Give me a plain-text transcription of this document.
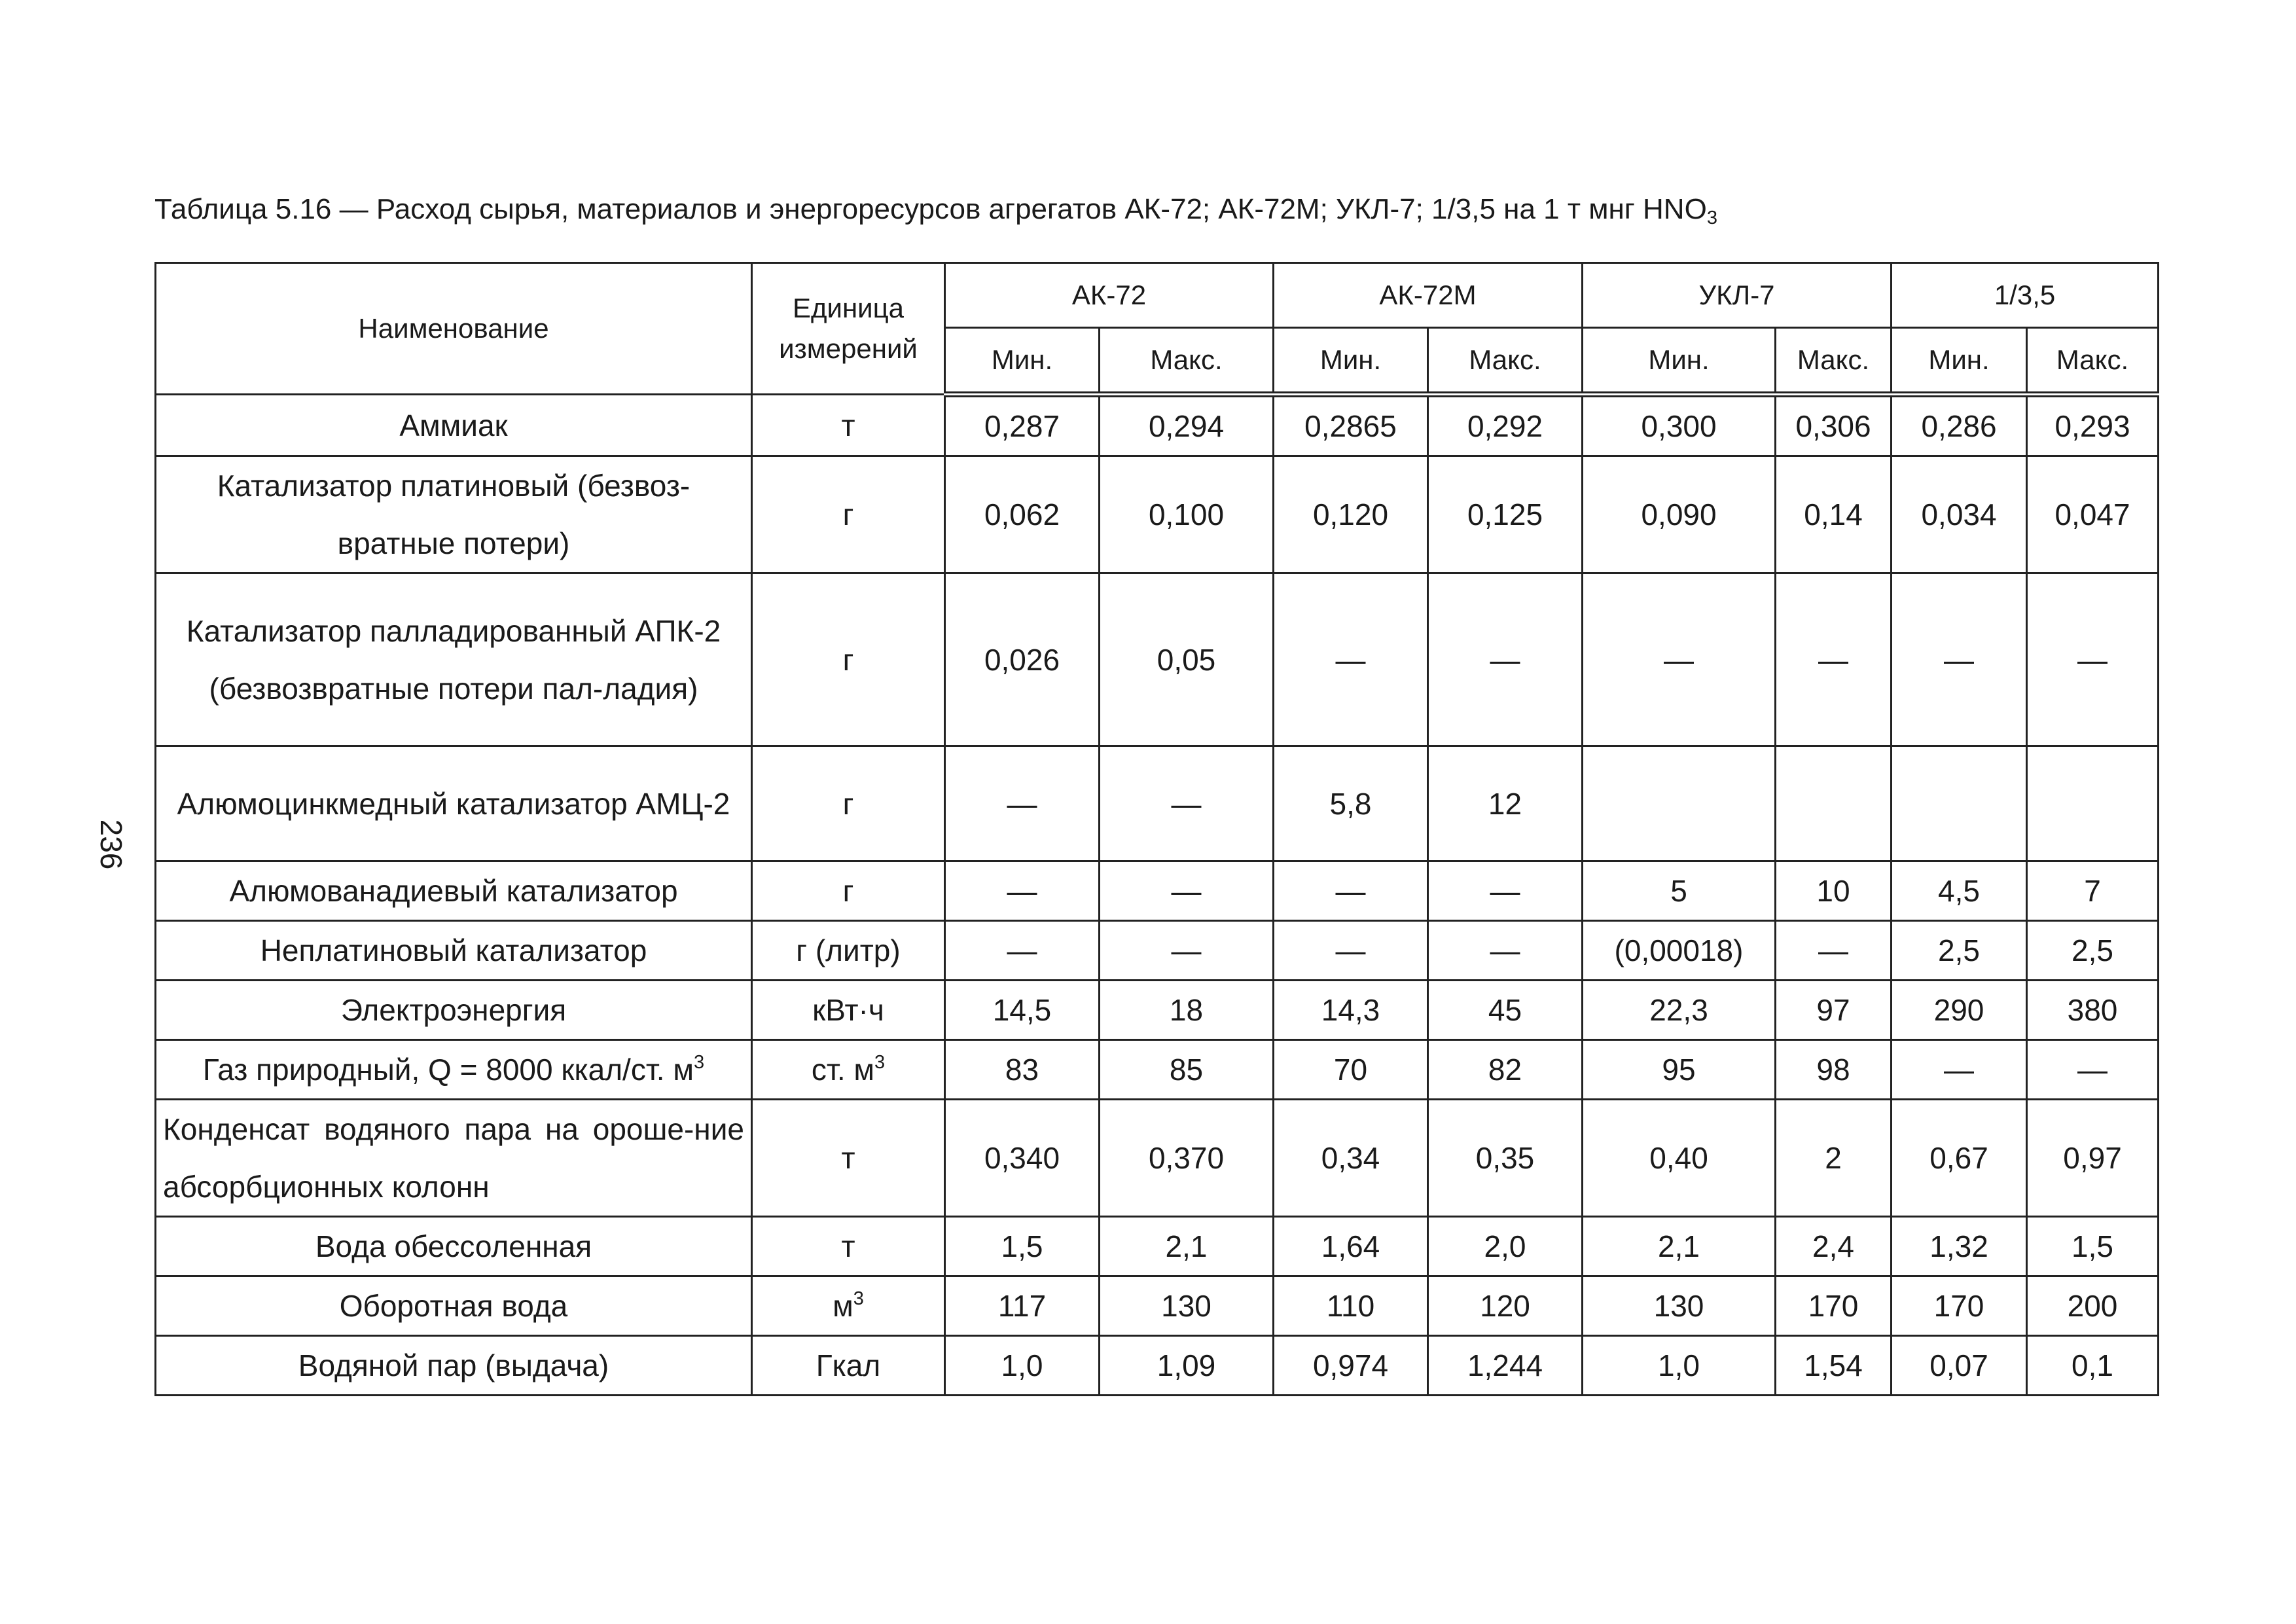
Таблица 5.16 — Расход сырья, материалов и энергоресурсов агрегатов АК-72; АК-72М; УКЛ-7; 1/3,5 на 1 т мнг $HNO_3$
236
Наименование	Единица измерений	АК-72		АК-72М		УКЛ-7		1/3,5	
		Мин.	Макс.	Мин.	Макс.	Мин.	Макс.	Мин.	Макс.
Аммиак	т	0,287	0,294	0,2865	0,292	0,300	0,306	0,286	0,293
Катализатор платиновый (безвоз-вратные потери)	г	0,062	0,100	0,120	0,125	0,090	0,14	0,034	0,047
Катализатор палладированный АПК-2 (безвозвратные потери пал-ладия)	г	0,026	0,05	—	—	—	—	—	—
Алюмоцинкмедный катализатор АМЦ-2	г	—	—	5,8	12				
Алюмованадиевый катализатор	г	—	—	—	—	5	10	4,5	7
Неплатиновый катализатор	г (литр)	—	—	—	—	(0,00018)	—	2,5	2,5
Электроэнергия	кВт·ч	14,5	18	14,3	45	22,3	97	290	380
Газ природный, Q = 8000 ккал/ст. $м^3$	ст. $м^3$	83	85	70	82	95	98	—	—
Конденсат водяного пара на ороше-ние абсорбционных колонн	т	0,340	0,370	0,34	0,35	0,40	2	0,67	0,97
Вода обессоленная	т	1,5	2,1	1,64	2,0	2,1	2,4	1,32	1,5
Оборотная вода	$м^3$	117	130	110	120	130	170	170	200
Водяной пар (выдача)	Гкал	1,0	1,09	0,974	1,244	1,0	1,54	0,07	0,1
